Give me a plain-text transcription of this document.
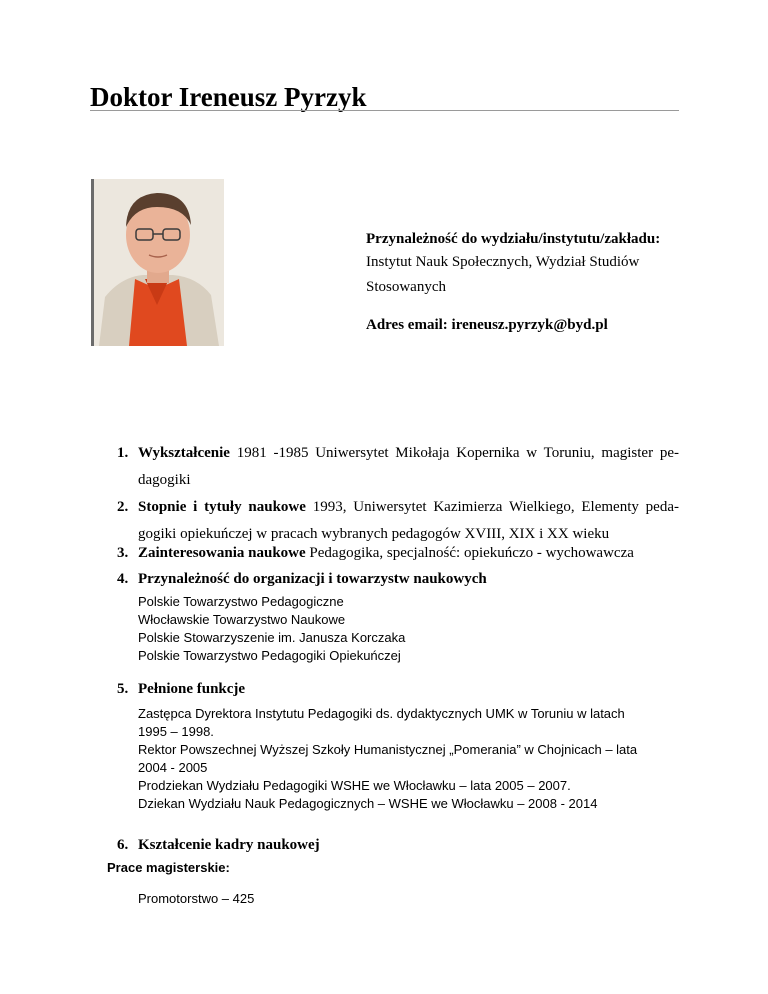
Doktor Ireneusz Pyrzyk
Przynależność do wydziału/instytutu/zakładu:
Instytut Nauk Społecznych, Wydział Studiów Stosowanych
Adres email: ireneusz.pyrzyk@byd.pl
1. Wykształcenie 1981 -1985 Uniwersytet Mikołaja Kopernika w Toruniu, magister pe-
dagogiki
2. Stopnie i tytuły naukowe 1993, Uniwersytet Kazimierza Wielkiego, Elementy peda-
gogiki opiekuńczej w pracach wybranych pedagogów XVIII, XIX i XX wieku
3. Zainteresowania naukowe Pedagogika, specjalność: opiekuńczo - wychowawcza
4. Przynależność do organizacji i towarzystw naukowych
Polskie Towarzystwo Pedagogiczne
Włocławskie Towarzystwo Naukowe
Polskie Stowarzyszenie im. Janusza Korczaka
Polskie Towarzystwo Pedagogiki Opiekuńczej
5. Pełnione funkcje
Zastępca Dyrektora Instytutu Pedagogiki ds. dydaktycznych UMK w Toruniu w latach
1995 – 1998.
Rektor Powszechnej Wyższej Szkoły Humanistycznej „Pomerania” w Chojnicach – lata
2004 - 2005
Prodziekan Wydziału Pedagogiki WSHE we Włocławku – lata 2005 – 2007.
Dziekan Wydziału Nauk Pedagogicznych – WSHE we Włocławku – 2008 - 2014
6. Kształcenie kadry naukowej
Prace magisterskie:
Promotorstwo – 425
